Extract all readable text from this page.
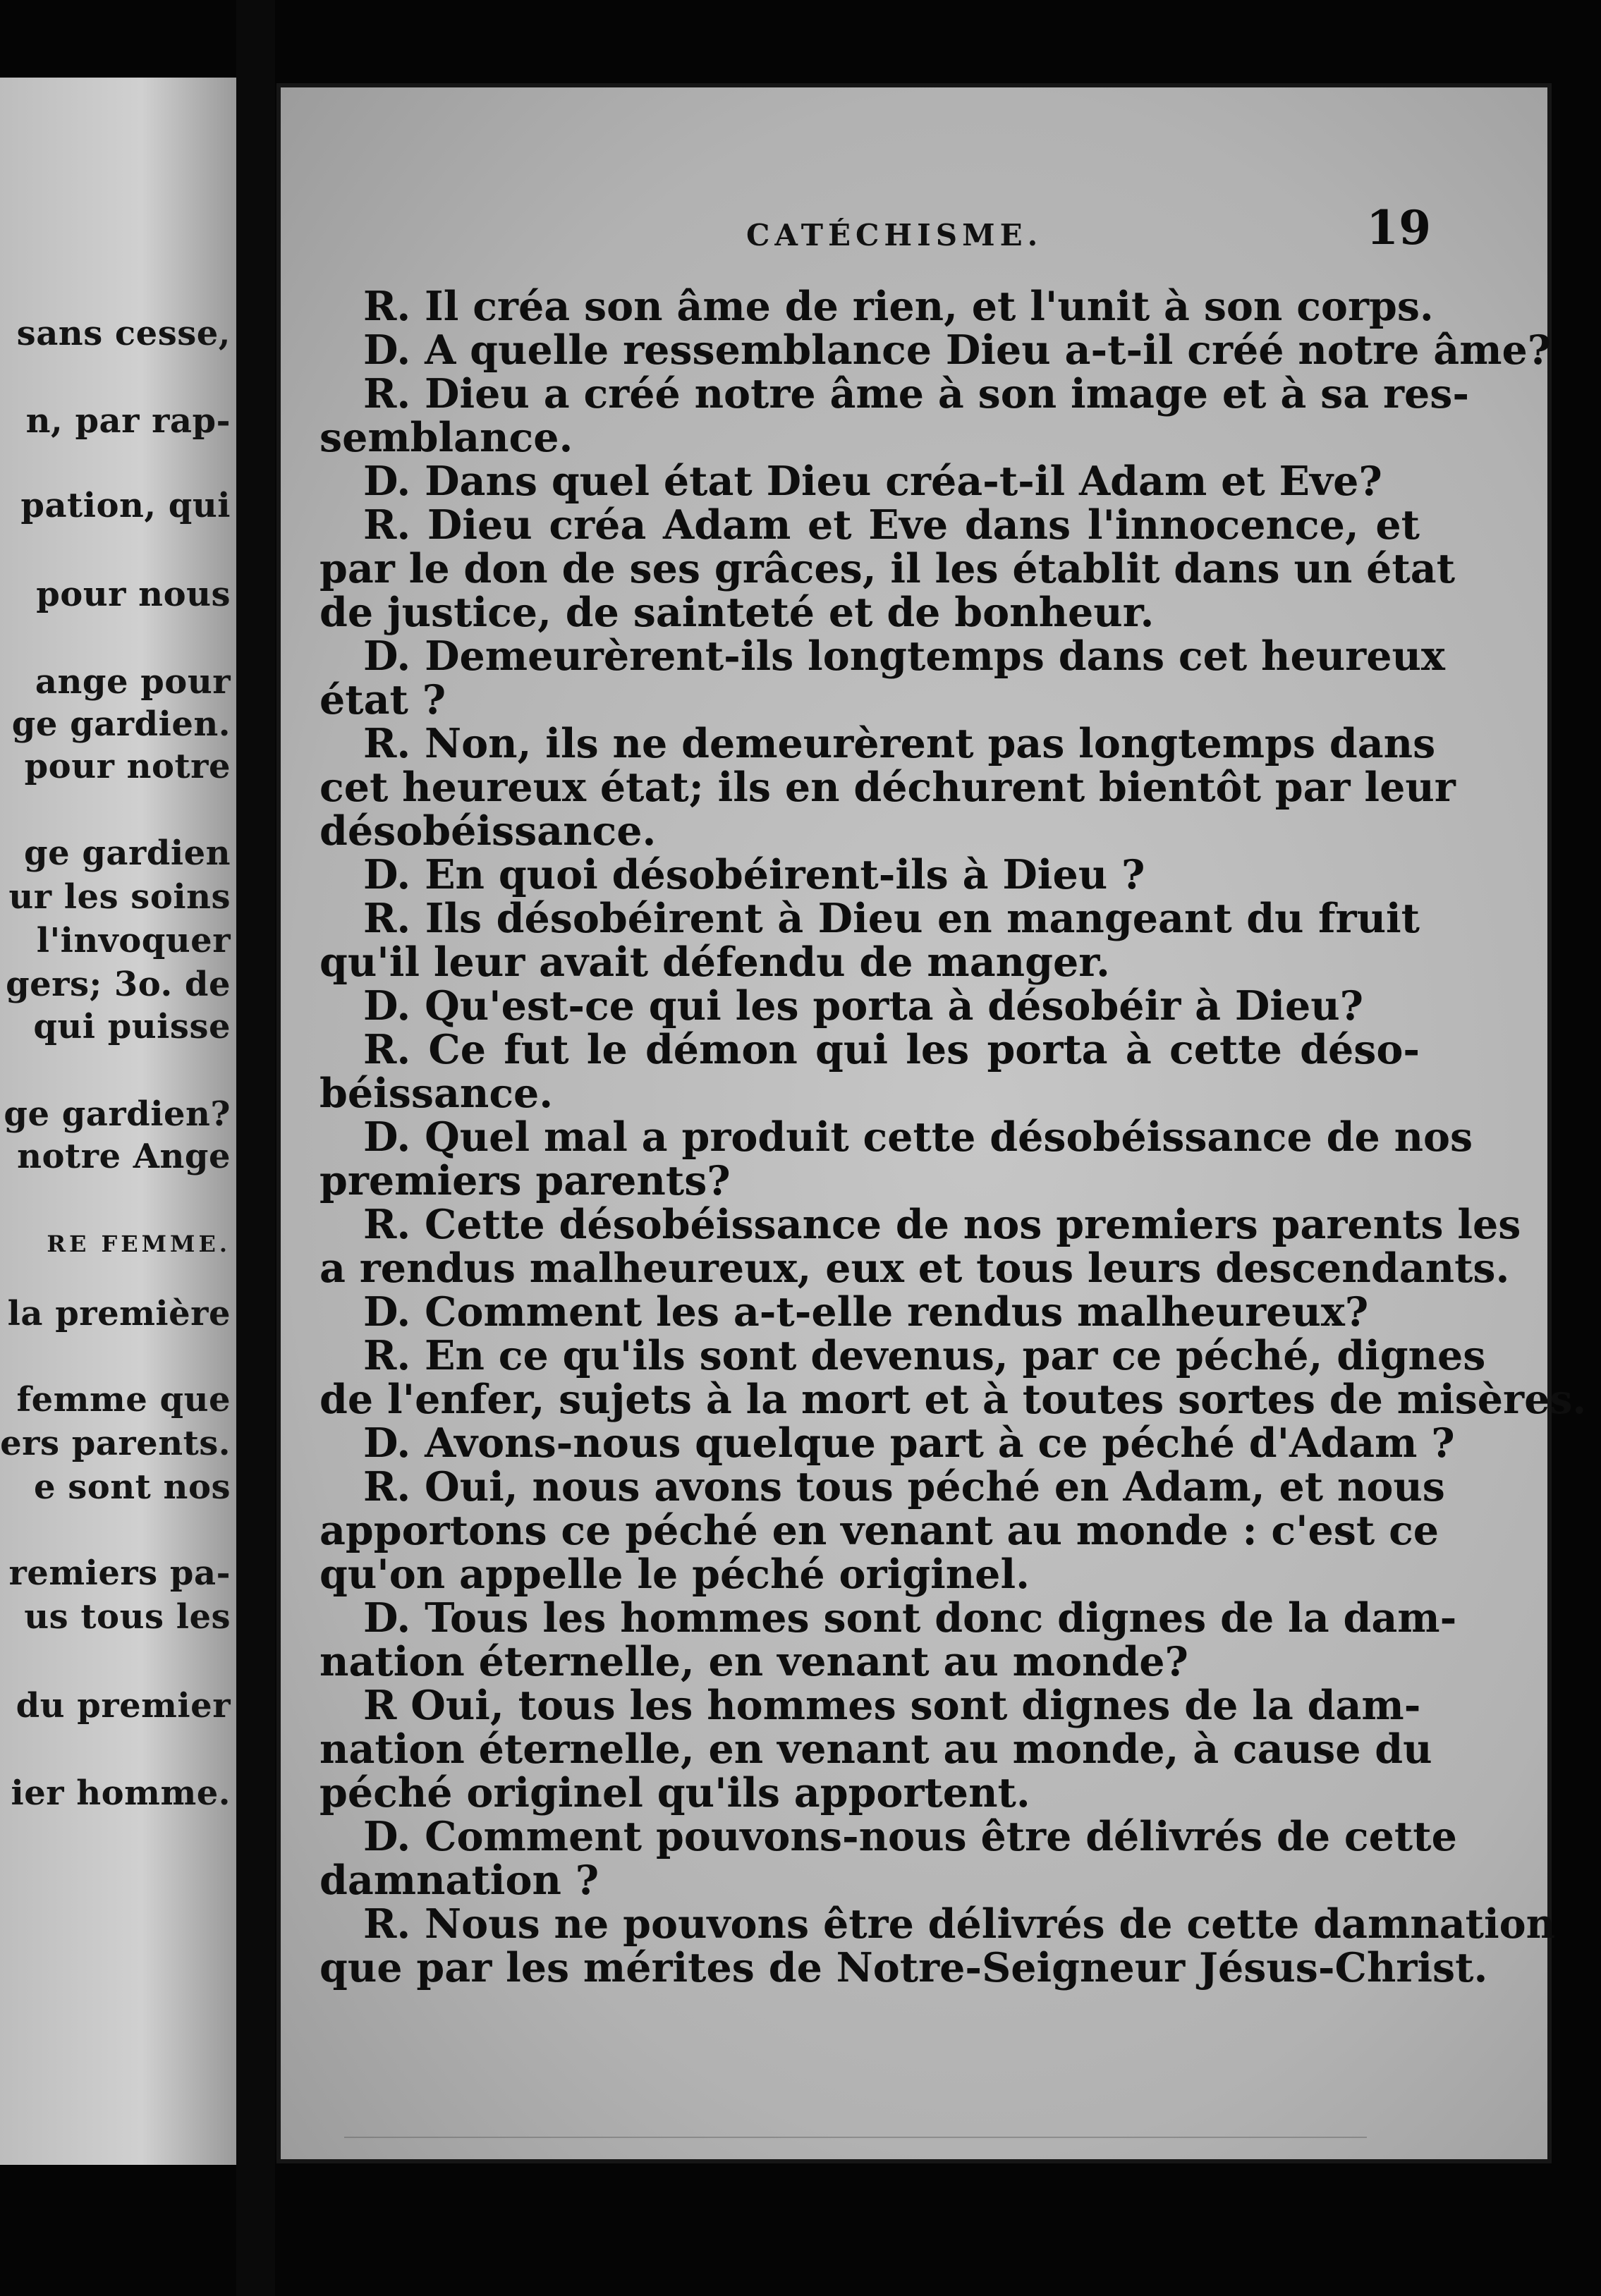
sans cesse,
n, par rap-
pation, qui
pour nous
ange pour
ge gardien.
pour notre
ge gardien
ur les soins
l'invoquer
gers; 3o. de
qui puisse
ge gardien?
notre Ange
RE FEMME.
la première
femme que
ers parents.
e sont nos
remiers pa-
us tous les
du premier
ier homme.
CATÉCHISME.	19
R. Il créa son âme de rien, et l'unit à son corps.
D. A quelle ressemblance Dieu a-t-il créé notre âme?
R. Dieu a créé notre âme à son image et à sa res-
semblance.
D. Dans quel état Dieu créa-t-il Adam et Eve?
R. Dieu créa Adam et Eve dans l'innocence, et
par le don de ses grâces, il les établit dans un état
de justice, de sainteté et de bonheur.
D. Demeurèrent-ils longtemps dans cet heureux
état ?
R. Non, ils ne demeurèrent pas longtemps dans
cet heureux état; ils en déchurent bientôt par leur
désobéissance.
D. En quoi désobéirent-ils à Dieu ?
R. Ils désobéirent à Dieu en mangeant du fruit
qu'il leur avait défendu de manger.
D. Qu'est-ce qui les porta à désobéir à Dieu?
R. Ce fut le démon qui les porta à cette déso-
béissance.
D. Quel mal a produit cette désobéissance de nos
premiers parents?
R. Cette désobéissance de nos premiers parents les
a rendus malheureux, eux et tous leurs descendants.
D. Comment les a-t-elle rendus malheureux?
R. En ce qu'ils sont devenus, par ce péché, dignes
de l'enfer, sujets à la mort et à toutes sortes de misères.
D. Avons-nous quelque part à ce péché d'Adam ?
R. Oui, nous avons tous péché en Adam, et nous
apportons ce péché en venant au monde : c'est ce
qu'on appelle le péché originel.
D. Tous les hommes sont donc dignes de la dam-
nation éternelle, en venant au monde?
R Oui, tous les hommes sont dignes de la dam-
nation éternelle, en venant au monde, à cause du
péché originel qu'ils apportent.
D. Comment pouvons-nous être délivrés de cette
damnation ?
R. Nous ne pouvons être délivrés de cette damnation
que par les mérites de Notre-Seigneur Jésus-Christ.
